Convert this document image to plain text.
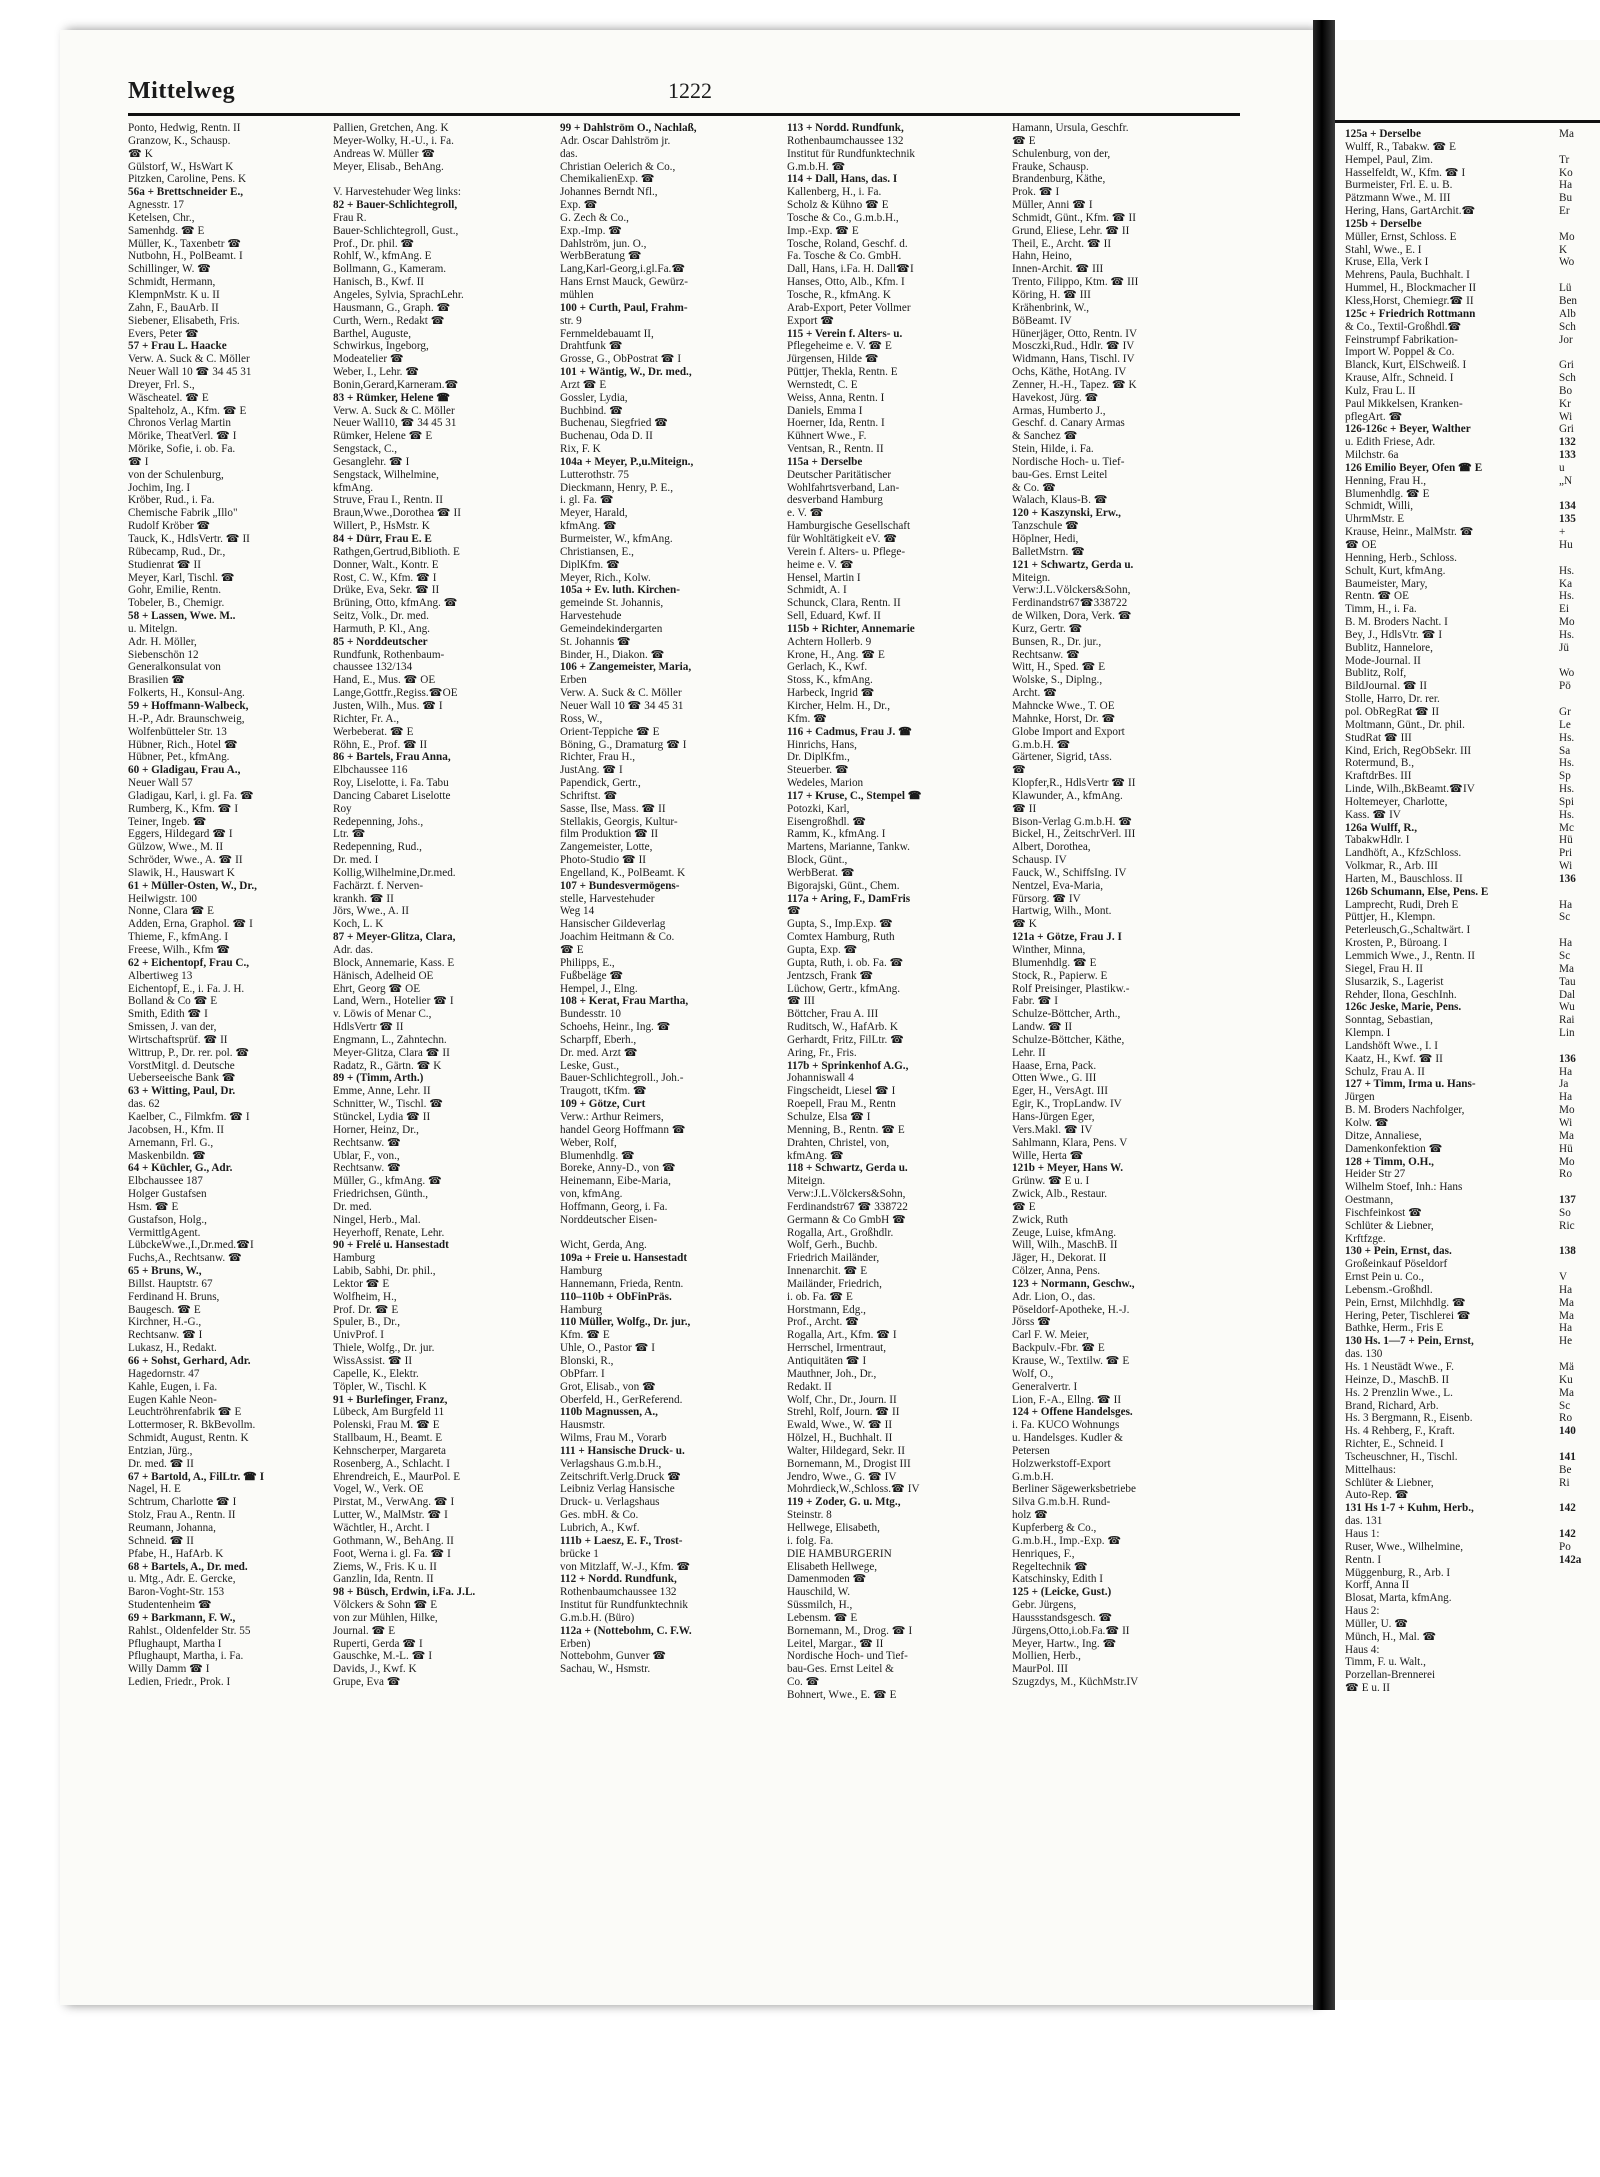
Mittelweg	1222
Ponto, Hedwig, Rentn. II
Granzow, K., Schausp.
☎ K
Gülstorf, W., HsWart K
Pitzken, Caroline, Pens. K
56a + Brettschneider E.,
Agnesstr. 17
Ketelsen, Chr.,
Samenhdg. ☎ E
Müller, K., Taxenbetr ☎
Nutbohn, H., PolBeamt. I
Schillinger, W. ☎
Schmidt, Hermann,
KlempnMstr. K u. II
Zahn, F., BauArb. II
Siebener, Elisabeth, Fris.
Evers, Peter ☎
57 + Frau L. Haacke
Verw. A. Suck & C. Möller
Neuer Wall 10 ☎ 34 45 31
Dreyer, Frl. S.,
Wäscheatel. ☎ E
Spalteholz, A., Kfm. ☎ E
Chronos Verlag Martin
Mörike, TheatVerl. ☎ I
Mörike, Sofie, i. ob. Fa.
☎ I
von der Schulenburg,
Jochim, Ing. I
Kröber, Rud., i. Fa.
Chemische Fabrik „Illo"
Rudolf Kröber ☎
Tauck, K., HdlsVertr. ☎ II
Rübecamp, Rud., Dr.,
Studienrat ☎ II
Meyer, Karl, Tischl. ☎
Gohr, Emilie, Rentn.
Tobeler, B., Chemigr.
58 + Lassen, Wwe. M..
u. Mitelgn.
Adr. H. Möller,
Siebenschön 12
Generalkonsulat von
Brasilien ☎
Folkerts, H., Konsul-Ang.
59 + Hoffmann-Walbeck,
H.-P., Adr. Braunschweig,
Wolfenbütteler Str. 13
Hübner, Rich., Hotel ☎
Hübner, Pet., kfmAng.
60 + Gladigau, Frau A.,
Neuer Wall 57
Gladigau, Karl, i. gl. Fa. ☎
Rumberg, K., Kfm. ☎ I
Teiner, Ingeb. ☎
Eggers, Hildegard ☎ I
Gülzow, Wwe., M. II
Schröder, Wwe., A. ☎ II
Slawik, H., Hauswart K
61 + Müller-Osten, W., Dr.,
Heilwigstr. 100
Nonne, Clara ☎ E
Adden, Erna, Graphol. ☎ I
Thieme, F., kfmAng. I
Freese, Wilh., Kfm ☎
62 + Eichentopf, Frau C.,
Albertiweg 13
Eichentopf, E., i. Fa. J. H.
Bolland & Co ☎ E
Smith, Edith ☎ I
Smissen, J. van der,
Wirtschaftsprüf. ☎ II
Wittrup, P., Dr. rer. pol. ☎
VorstMitgl. d. Deutsche
Ueberseeische Bank ☎
63 + Witting, Paul, Dr.
das. 62
Kaelber, C., Filmkfm. ☎ I
Jacobsen, H., Kfm. II
Arnemann, Frl. G.,
Maskenbildn. ☎
64 + Küchler, G., Adr.
Elbchaussee 187
Holger Gustafsen
Hsm. ☎ E
Gustafson, Holg.,
VermittlgAgent.
LübckeWwe.,I.,Dr.med.☎I
Fuchs,A., Rechtsanw. ☎
65 + Bruns, W.,
Billst. Hauptstr. 67
Ferdinand H. Bruns,
Baugesch. ☎ E
Kirchner, H.-G.,
Rechtsanw. ☎ I
Lukasz, H., Redakt.
66 + Sohst, Gerhard, Adr.
Hagedornstr. 47
Kahle, Eugen, i. Fa.
Eugen Kahle Neon-
Leuchtröhrenfabrik ☎ E
Lottermoser, R. BkBevollm.
Schmidt, August, Rentn. K
Entzian, Jürg.,
Dr. med. ☎ II
67 + Bartold, A., FilLtr. ☎ I
Nagel, H. E
Schtrum, Charlotte ☎ I
Stolz, Frau A., Rentn. II
Reumann, Johanna,
Schneid. ☎ II
Pfabe, H., HafArb. K
68 + Bartels, A., Dr. med.
u. Mtg., Adr. E. Gercke,
Baron-Voght-Str. 153
Studentenheim ☎
69 + Barkmann, F. W.,
Rahlst., Oldenfelder Str. 55
Pflughaupt, Martha I
Pflughaupt, Martha, i. Fa.
Willy Damm ☎ I
Ledien, Friedr., Prok. I
Pallien, Gretchen, Ang. K
Meyer-Wolky, H.-U., i. Fa.
Andreas W. Müller ☎
Meyer, Elisab., BehAng.
V. Harvestehuder Weg links:
82 + Bauer-Schlichtegroll,
Frau R.
Bauer-Schlichtegroll, Gust.,
Prof., Dr. phil. ☎
Rohlf, W., kfmAng. E
Bollmann, G., Kameram.
Hanisch, B., Kwf. II
Angeles, Sylvia, SprachLehr.
Hausmann, G., Graph. ☎
Curth, Wern., Redakt ☎
Barthel, Auguste,
Schwirkus, Ingeborg,
Modeatelier ☎
Weber, I., Lehr. ☎
Bonin,Gerard,Karneram.☎
83 + Rümker, Helene ☎
Verw. A. Suck & C. Möller
Neuer Wall10, ☎ 34 45 31
Rümker, Helene ☎ E
Sengstack, C.,
Gesanglehr. ☎ I
Sengstack, Wilhelmine,
kfmAng.
Struve, Frau I., Rentn. II
Braun,Wwe.,Dorothea ☎ II
Willert, P., HsMstr. K
84 + Dürr, Frau E. E
Rathgen,Gertrud,Biblioth. E
Donner, Walt., Kontr. E
Rost, C. W., Kfm. ☎ I
Drüke, Eva, Sekr. ☎ II
Brüning, Otto, kfmAng. ☎
Seitz, Volk., Dr. med.
Harmuth, P. Kl., Ang.
85 + Norddeutscher
Rundfunk, Rothenbaum-
chaussee 132/134
Hand, E., Mus. ☎ OE
Lange,Gottfr.,Regiss.☎OE
Justen, Wilh., Mus. ☎ I
Richter, Fr. A.,
Werbeberat. ☎ E
Röhn, E., Prof. ☎ II
86 + Bartels, Frau Anna,
Elbchaussee 116
Roy, Liselotte, i. Fa. Tabu
Dancing Cabaret Liselotte
Roy
Redepenning, Johs.,
Ltr. ☎
Redepenning, Rud.,
Dr. med. I
Kollig,Wilhelmine,Dr.med.
Fachärzt. f. Nerven-
krankh. ☎ II
Jörs, Wwe., A. II
Koch, L. K
87 + Meyer-Glitza, Clara,
Adr. das.
Block, Annemarie, Kass. E
Hänisch, Adelheid OE
Ehrt, Georg ☎ OE
Land, Wern., Hotelier ☎ I
v. Löwis of Menar C.,
HdlsVertr ☎ II
Engmann, L., Zahntechn.
Meyer-Glitza, Clara ☎ II
Radatz, R., Gärtn. ☎ K
89 + (Timm, Arth.)
Emme, Anne, Lehr. II
Schnitter, W., Tischl. ☎
Stünckel, Lydia ☎ II
Horner, Heinz, Dr.,
Rechtsanw. ☎
Ublar, F., von.,
Rechtsanw. ☎
Müller, G., kfmAng. ☎
Friedrichsen, Günth.,
Dr. med.
Ningel, Herb., Mal.
Heyerhoff, Renate, Lehr.
90 + Frelé u. Hansestadt
Hamburg
Labib, Sabhi, Dr. phil.,
Lektor ☎ E
Wolfheim, H.,
Prof. Dr. ☎ E
Spuler, B., Dr.,
UnivProf. I
Thiele, Wolfg., Dr. jur.
WissAssist. ☎ II
Capelle, K., Elektr.
Töpler, W., Tischl. K
91 + Burlefinger, Franz,
Lübeck, Am Burgfeld 11
Polenski, Frau M. ☎ E
Stallbaum, H., Beamt. E
Kehnscherper, Margareta
Rosenberg, A., Schlacht. I
Ehrendreich, E., MaurPol. E
Vogel, W., Verk. OE
Pirstat, M., VerwAng. ☎ I
Lutter, W., MalMstr. ☎ I
Wächtler, H., Archt. I
Gothmann, W., BehAng. II
Foot, Werna i. gl. Fa. ☎ I
Ziems, W., Fris. K u. II
Ganzlin, Ida, Rentn. II
98 + Büsch, Erdwin, i.Fa. J.L.
Völckers & Sohn ☎ E
von zur Mühlen, Hilke,
Journal. ☎ E
Ruperti, Gerda ☎ I
Gauschke, M.-L. ☎ I
Davids, J., Kwf. K
Grupe, Eva ☎
99 + Dahlström O., Nachlaß,
Adr. Oscar Dahlström jr.
das.
Christian Oelerich & Co.,
ChemikalienExp. ☎
Johannes Berndt Nfl.,
Exp. ☎
G. Zech & Co.,
Exp.-Imp. ☎
Dahlström, jun. O.,
WerbBeratung ☎
Lang,Karl-Georg,i.gl.Fa.☎
Hans Ernst Mauck, Gewürz-
mühlen
100 + Curth, Paul, Frahm-
str. 9
Fernmeldebauamt II,
Drahtfunk ☎
Grosse, G., ObPostrat ☎ I
101 + Wäntig, W., Dr. med.,
Arzt ☎ E
Gossler, Lydia,
Buchbind. ☎
Buchenau, Siegfried ☎
Buchenau, Oda D. II
Rix, F. K
104a + Meyer, P.,u.Miteign.,
Lutterothstr. 75
Dieckmann, Henry, P. E.,
i. gl. Fa. ☎
Meyer, Harald,
kfmAng. ☎
Burmeister, W., kfmAng.
Christiansen, E.,
DiplKfm. ☎
Meyer, Rich., Kolw.
105a + Ev. luth. Kirchen-
gemeinde St. Johannis,
Harvestehude
Gemeindekindergarten
St. Johannis ☎
Binder, H., Diakon. ☎
106 + Zangemeister, Maria,
Erben
Verw. A. Suck & C. Möller
Neuer Wall 10 ☎ 34 45 31
Ross, W.,
Orient-Teppiche ☎ E
Böning, G., Dramaturg ☎ I
Richter, Frau H.,
JustAng. ☎ I
Papendick, Gertr.,
Schriftst. ☎
Sasse, Ilse, Mass. ☎ II
Stellakis, Georgis, Kultur-
film Produktion ☎ II
Zangemeister, Lotte,
Photo-Studio ☎ II
Engelland, K., PolBeamt. K
107 + Bundesvermögens-
stelle, Harvestehuder
Weg 14
Hansischer Gildeverlag
Joachim Heitmann & Co.
☎ E
Philipps, E.,
Fußbeläge ☎
Hempel, J., Elng.
108 + Kerat, Frau Martha,
Bundesstr. 10
Schoehs, Heinr., Ing. ☎
Scharpff, Eberh.,
Dr. med. Arzt ☎
Leske, Gust.,
Bauer-Schlichtegroll., Joh.-
Traugott, tKfm. ☎
109 + Götze, Curt
Verw.: Arthur Reimers,
handel Georg Hoffmann ☎
Weber, Rolf,
Blumenhdlg. ☎
Boreke, Anny-D., von ☎
Heinemann, Eibe-Maria,
von, kfmAng.
Hoffmann, Georg, i. Fa.
Norddeutscher Eisen-
Wicht, Gerda, Ang.
109a + Freie u. Hansestadt
Hamburg
Hannemann, Frieda, Rentn.
110–110b + ObFinPräs.
Hamburg
110 Müller, Wolfg., Dr. jur.,
Kfm. ☎ E
Uhle, O., Pastor ☎ I
Blonski, R.,
ObPfarr. I
Grot, Elisab., von ☎
Oberfeld, H., GerReferend.
110b Magnussen, A.,
Hausmstr.
Wilms, Frau M., Vorarb
111 + Hansische Druck- u.
Verlagshaus G.m.b.H.,
Zeitschrift.Verlg.Druck ☎
Leibniz Verlag Hansische
Druck- u. Verlagshaus
Ges. mbH. & Co.
Lubrich, A., Kwf.
111b + Laesz, E. F., Trost-
brücke 1
von Mitzlaff, W.-J., Kfm. ☎
112 + Nordd. Rundfunk,
Rothenbaumchaussee 132
Institut für Rundfunktechnik
G.m.b.H. (Büro)
112a + (Nottebohm, C. F.W.
Erben)
Nottebohm, Gunver ☎
Sachau, W., Hsmstr.
113 + Nordd. Rundfunk,
Rothenbaumchaussee 132
Institut für Rundfunktechnik
G.m.b.H. ☎
114 + Dall, Hans, das. I
Kallenberg, H., i. Fa.
Scholz & Kühno ☎ E
Tosche & Co., G.m.b.H.,
Imp.-Exp. ☎ E
Tosche, Roland, Geschf. d.
Fa. Tosche & Co. GmbH.
Dall, Hans, i.Fa. H. Dall☎I
Hanses, Otto, Alb., Kfm. I
Tosche, R., kfmAng. K
Arab-Export, Peter Vollmer
Export ☎
115 + Verein f. Alters- u.
Pflegeheime e. V. ☎ E
Jürgensen, Hilde ☎
Püttjer, Thekla, Rentn. E
Wernstedt, C. E
Weiss, Anna, Rentn. I
Daniels, Emma I
Hoerner, Ida, Rentn. I
Kühnert Wwe., F.
Ventsan, R., Rentn. II
115a + Derselbe
Deutscher Paritätischer
Wohlfahrtsverband, Lan-
desverband Hamburg
e. V. ☎
Hamburgische Gesellschaft
für Wohltätigkeit eV. ☎
Verein f. Alters- u. Pflege-
heime e. V. ☎
Hensel, Martin I
Schmidt, A. I
Schunck, Clara, Rentn. II
Sell, Eduard, Kwf. II
115b + Richter, Annemarie
Achtern Hollerb. 9
Krone, H., Ang. ☎ E
Gerlach, K., Kwf.
Stoss, K., kfmAng.
Harbeck, Ingrid ☎
Kircher, Helm. H., Dr.,
Kfm. ☎
116 + Cadmus, Frau J. ☎
Hinrichs, Hans,
Dr. DiplKfm.,
Steuerber. ☎
Wedeles, Marion
117 + Kruse, C., Stempel ☎
Potozki, Karl,
Eisengroßhdl. ☎
Ramm, K., kfmAng. I
Martens, Marianne, Tankw.
Block, Günt.,
WerbBerat. ☎
Bigorajski, Günt., Chem.
117a + Aring, F., DamFris
☎
Gupta, S., Imp.Exp. ☎
Comtex Hamburg, Ruth
Gupta, Exp. ☎
Gupta, Ruth, i. ob. Fa. ☎
Jentzsch, Frank ☎
Lüchow, Gertr., kfmAng.
☎ III
Böttcher, Frau A. III
Ruditsch, W., HafArb. K
Gerhardt, Fritz, FilLtr. ☎
Aring, Fr., Fris.
117b + Sprinkenhof A.G.,
Johanniswall 4
Fingscheidt, Liesel ☎ I
Roepell, Frau M., Rentn
Schulze, Elsa ☎ I
Menning, B., Rentn. ☎ E
Drahten, Christel, von,
kfmAng. ☎
118 + Schwartz, Gerda u.
Miteign.
Verw:J.L.Völckers&Sohn,
Ferdinandstr67 ☎ 338722
Germann & Co GmbH ☎
Rogalla, Art., Großhdlr.
Wolf, Gerh., Buchb.
Friedrich Mailänder,
Innenarchit. ☎ E
Mailänder, Friedrich,
i. ob. Fa. ☎ E
Horstmann, Edg.,
Prof., Archt. ☎
Rogalla, Art., Kfm. ☎ I
Herrschel, Irmentraut,
Antiquitäten ☎ I
Mauthner, Joh., Dr.,
Redakt. II
Wolf, Chr., Dr., Journ. II
Strehl, Rolf, Journ. ☎ II
Ewald, Wwe., W. ☎ II
Hölzel, H., Buchhalt. II
Walter, Hildegard, Sekr. II
Bornemann, M., Drogist III
Jendro, Wwe., G. ☎ IV
Mohrdieck,W.,Schloss.☎ IV
119 + Zoder, G. u. Mtg.,
Steinstr. 8
Hellwege, Elisabeth,
i. folg. Fa.
DIE HAMBURGERIN
Elisabeth Hellwege,
Damenmoden ☎
Hauschild, W.
Süssmilch, H.,
Lebensm. ☎ E
Bornemann, M., Drog. ☎ I
Leitel, Margar., ☎ II
Nordische Hoch- und Tief-
bau-Ges. Ernst Leitel &
Co. ☎
Bohnert, Wwe., E. ☎ E
Hamann, Ursula, Geschfr.
☎ E
Schulenburg, von der,
Frauke, Schausp.
Brandenburg, Käthe,
Prok. ☎ I
Müller, Anni ☎ I
Schmidt, Günt., Kfm. ☎ II
Grund, Eliese, Lehr. ☎ II
Theil, E., Archt. ☎ II
Hahn, Heino,
Innen-Archit. ☎ III
Trento, Filippo, Ktm. ☎ III
Köring, H. ☎ III
Krähenbrink, W.,
BöBeamt. IV
Hünerjäger, Otto, Rentn. IV
Mosczki,Rud., Hdlr. ☎ IV
Widmann, Hans, Tischl. IV
Ochs, Käthe, HotAng. IV
Zenner, H.-H., Tapez. ☎ K
Havekost, Jürg. ☎
Armas, Humberto J.,
Geschf. d. Canary Armas
& Sanchez ☎
Stein, Hilde, i. Fa.
Nordische Hoch- u. Tief-
bau-Ges. Ernst Leitel
& Co. ☎
Walach, Klaus-B. ☎
120 + Kaszynski, Erw.,
Tanzschule ☎
Höplner, Hedi,
BalletMstrn. ☎
121 + Schwartz, Gerda u.
Miteign.
Verw:J.L.Völckers&Sohn,
Ferdinandstr67☎338722
de Wilken, Dora, Verk. ☎
Kurz, Gertr. ☎
Bunsen, R., Dr. jur.,
Rechtsanw. ☎
Witt, H., Sped. ☎ E
Wolske, S., Diplng.,
Archt. ☎
Mahncke Wwe., T. OE
Mahnke, Horst, Dr. ☎
Globe Import and Export
G.m.b.H. ☎
Gärtener, Sigrid, tAss.
☎
Klopfer,R., HdlsVertr ☎ II
Klawunder, A., kfmAng.
☎ II
Bison-Verlag G.m.b.H. ☎
Bickel, H., ZeitschrVerl. III
Albert, Dorothea,
Schausp. IV
Fauck, W., SchiffsIng. IV
Nentzel, Eva-Maria,
Fürsorg. ☎ IV
Hartwig, Wilh., Mont.
☎ K
121a + Götze, Frau J. I
Winther, Minna,
Blumenhdlg. ☎ E
Stock, R., Papierw. E
Rolf Preisinger, Plastikw.-
Fabr. ☎ I
Schulze-Böttcher, Arth.,
Landw. ☎ II
Schulze-Böttcher, Käthe,
Lehr. II
Haase, Erna, Pack.
Otten Wwe., G. III
Eger, H., VersAgt. III
Egir, K., TropLandw. IV
Hans-Jürgen Eger,
Vers.Makl. ☎ IV
Sahlmann, Klara, Pens. V
Wille, Herta ☎
121b + Meyer, Hans W.
Grünw. ☎ E u. I
Zwick, Alb., Restaur.
☎ E
Zwick, Ruth
Zeuge, Luise, kfmAng.
Will, Wilh., MaschB. II
Jäger, H., Dekorat. II
Cölzer, Anna, Pens.
123 + Normann, Geschw.,
Adr. Lion, O., das.
Pöseldorf-Apotheke, H.-J.
Jörss ☎
Carl F. W. Meier,
Backpulv.-Fbr. ☎ E
Krause, W., Textilw. ☎ E
Wolf, O.,
Generalvertr. I
Lion, F.-A., Ellng. ☎ II
124 + Offene Handelsges.
i. Fa. KUCO Wohnungs
u. Handelsges. Kudler &
Petersen
Holzwerkstoff-Export
G.m.b.H.
Berliner Sägewerksbetriebe
Silva G.m.b.H. Rund-
holz ☎
Kupferberg & Co.,
G.m.b.H., Imp.-Exp. ☎
Henriques, F.,
Regeltechnik ☎
Katschinsky, Edith I
125 + (Leicke, Gust.)
Gebr. Jürgens,
Haussstandsgesch. ☎
Jürgens,Otto,i.ob.Fa.☎ II
Meyer, Hartw., Ing. ☎
Mollien, Herb.,
MaurPol. III
Szugzdys, M., KüchMstr.IV
125a + Derselbe
Wulff, R., Tabakw. ☎ E
Hempel, Paul, Zim.
Hasselfeldt, W., Kfm. ☎ I
Burmeister, Frl. E. u. B.
Pätzmann Wwe., M. III
Hering, Hans, GartArchit.☎
125b + Derselbe
Müller, Ernst, Schloss. E
Stahl, Wwe., E. I
Kruse, Ella, Verk I
Mehrens, Paula, Buchhalt. I
Hummel, H., Blockmacher II
Kless,Horst, Chemiegr.☎ II
125c + Friedrich Rottmann
& Co., Textil-Großhdl.☎
Feinstrumpf Fabrikation-
Import W. Poppel & Co.
Blanck, Kurt, ElSchweiß. I
Krause, Alfr., Schneid. I
Kulz, Frau L. II
Paul Mikkelsen, Kranken-
pflegArt. ☎
126-126c + Beyer, Walther
u. Edith Friese, Adr.
Milchstr. 6a
126 Emilio Beyer, Ofen ☎ E
Henning, Frau H.,
Blumenhdlg. ☎ E
Schmidt, Willi,
UhrmMstr. E
Krause, Heinr., MalMstr. ☎
☎ OE
Henning, Herb., Schloss.
Schult, Kurt, kfmAng.
Baumeister, Mary,
Rentn. ☎ OE
Timm, H., i. Fa.
B. M. Broders Nacht. I
Bey, J., HdlsVtr. ☎ I
Bublitz, Hannelore,
Mode-Journal. II
Bublitz, Rolf,
BildJournal. ☎ II
Stolle, Harro, Dr. rer.
pol. ObRegRat ☎ II
Moltmann, Günt., Dr. phil.
StudRat ☎ III
Kind, Erich, RegObSekr. III
Rotermund, B.,
KraftdrBes. III
Linde, Wilh.,BkBeamt.☎IV
Holtemeyer, Charlotte,
Kass. ☎ IV
126a Wulff, R.,
TabakwHdlr. I
Landhöft, A., KfzSchloss.
Volkmar, R., Arb. III
Harten, M., Bauschloss. II
126b Schumann, Else, Pens. E
Lamprecht, Rudi, Dreh E
Püttjer, H., Klempn.
Peterleusch,G.,Schaltwärt. I
Krosten, P., Büroang. I
Lemmich Wwe., J., Rentn. II
Siegel, Frau H. II
Slusarzik, S., Lagerist
Rehder, Ilona, GeschInh.
126c Jeske, Marie, Pens.
Sonntag, Sebastian,
Klempn. I
Landshöft Wwe., I. I
Kaatz, H., Kwf. ☎ II
Schulz, Frau A. II
127 + Timm, Irma u. Hans-
Jürgen
B. M. Broders Nachfolger,
Kolw. ☎
Ditze, Annaliese,
Damenkonfektion ☎
128 + Timm, O.H.,
Heider Str 27
Wilhelm Stoef, Inh.: Hans
Oestmann,
Fischfeinkost ☎
Schlüter & Liebner,
Krftfzge.
130 + Pein, Ernst, das.
Großeinkauf Pöseldorf
Ernst Pein u. Co.,
Lebensm.-Großhdl.
Pein, Ernst, Milchhdlg. ☎
Hering, Peter, Tischlerei ☎
Bathke, Herm., Fris E
130 Hs. 1—7 + Pein, Ernst,
das. 130
Hs. 1 Neustädt Wwe., F.
Heinze, D., MaschB. II
Hs. 2 Prenzlin Wwe., L.
Brand, Richard, Arb.
Hs. 3 Bergmann, R., Eisenb.
Hs. 4 Rehberg, F., Kraft.
Richter, E., Schneid. I
Tscheuschner, H., Tischl.
Mittelhaus:
Schlüter & Liebner,
Auto-Rep. ☎
131 Hs 1-7 + Kuhm, Herb.,
das. 131
Haus 1:
Ruser, Wwe., Wilhelmine,
Rentn. I
Müggenburg, R., Arb. I
Korff, Anna II
Blosat, Marta, kfmAng.
Haus 2:
Müller, U. ☎
Münch, H., Mal. ☎
Haus 4:
Timm, F. u. Walt.,
Porzellan-Brennerei
☎ E u. II
Ma
Tr
Ko
Ha
Bu
Er
Mo
K
Wo
Lü
Ben
Alb
Sch
Jor
Gri
Sch
Bo
Kr
Wi
Gri
132
133
u
„N
134
135
+
Hu
Hs.
Ka
Hs.
Ei
Mo
Hs.
Jü
Wo
Pö
Gr
Le
Hs.
Sa
Hs.
Sp
Hs.
Spi
Hs.
Mc
Hü
Pri
Wi
136
Ha
Sc
Ha
Sc
Ma
Tau
Dal
Wu
Rai
Lin
136
Ha
Ja
Ha
Mo
Wi
Ma
Hü
Mo
Ro
137
So
Ric
138
V
Ha
Ma
Ma
Ha
He
Mä
Ku
Ma
Sc
Ro
140
141
Be
Ri
142
142
Po
142a
